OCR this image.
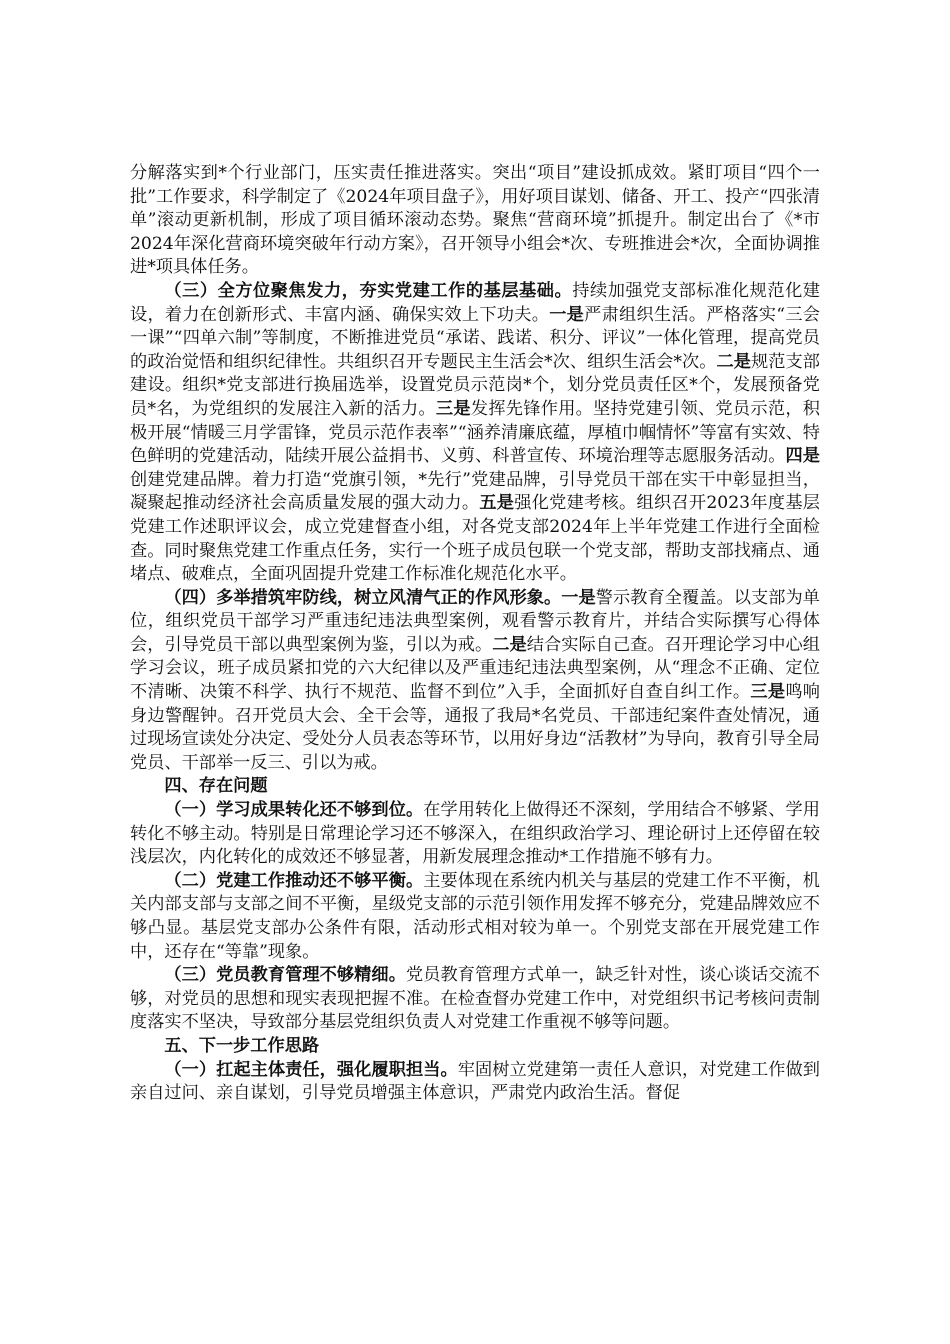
分解落实到*个行业部门，压实责任推进落实。突出“项目”建设抓成效。紧盯项目“四个一批”工作要求，科学制定了《2024年项目盘子》，用好项目谋划、储备、开工、投产“四张清单”滚动更新机制，形成了项目循环滚动态势。聚焦“营商环境”抓提升。制定出台了《*市2024年深化营商环境突破年行动方案》，召开领导小组会*次、专班推进会*次，全面协调推进*项具体任务。

（三）全方位聚焦发力，夯实党建工作的基层基础。持续加强党支部标准化规范化建设，着力在创新形式、丰富内涵、确保实效上下功夫。一是严肃组织生活。严格落实“三会一课”“四单六制”等制度，不断推进党员“承诺、践诺、积分、评议”一体化管理，提高党员的政治觉悟和组织纪律性。共组织召开专题民主生活会*次、组织生活会*次。二是规范支部建设。组织*党支部进行换届选举，设置党员示范岗*个，划分党员责任区*个，发展预备党员*名，为党组织的发展注入新的活力。三是发挥先锋作用。坚持党建引领、党员示范，积极开展“情暖三月学雷锋，党员示范作表率”“涵养清廉底蕴，厚植巾帼情怀”等富有实效、特色鲜明的党建活动，陆续开展公益捐书、义剪、科普宣传、环境治理等志愿服务活动。四是创建党建品牌。着力打造“党旗引领，*先行”党建品牌，引导党员干部在实干中彰显担当，凝聚起推动经济社会高质量发展的强大动力。五是强化党建考核。组织召开2023年度基层党建工作述职评议会，成立党建督查小组，对各党支部2024年上半年党建工作进行全面检查。同时聚焦党建工作重点任务，实行一个班子成员包联一个党支部，帮助支部找痛点、通堵点、破难点，全面巩固提升党建工作标准化规范化水平。

（四）多举措筑牢防线，树立风清气正的作风形象。一是警示教育全覆盖。以支部为单位，组织党员干部学习严重违纪违法典型案例，观看警示教育片，并结合实际撰写心得体会，引导党员干部以典型案例为鉴，引以为戒。二是结合实际自己查。召开理论学习中心组学习会议，班子成员紧扣党的六大纪律以及严重违纪违法典型案例，从“理念不正确、定位不清晰、决策不科学、执行不规范、监督不到位”入手，全面抓好自查自纠工作。三是鸣响身边警醒钟。召开党员大会、全干会等，通报了我局*名党员、干部违纪案件查处情况，通过现场宣读处分决定、受处分人员表态等环节，以用好身边“活教材”为导向，教育引导全局党员、干部举一反三、引以为戒。

四、存在问题

（一）学习成果转化还不够到位。在学用转化上做得还不深刻，学用结合不够紧、学用转化不够主动。特别是日常理论学习还不够深入，在组织政治学习、理论研讨上还停留在较浅层次，内化转化的成效还不够显著，用新发展理念推动*工作措施不够有力。

（二）党建工作推动还不够平衡。主要体现在系统内机关与基层的党建工作不平衡，机关内部支部与支部之间不平衡，星级党支部的示范引领作用发挥不够充分，党建品牌效应不够凸显。基层党支部办公条件有限，活动形式相对较为单一。个别党支部在开展党建工作中，还存在“等靠”现象。

（三）党员教育管理不够精细。党员教育管理方式单一，缺乏针对性，谈心谈话交流不够，对党员的思想和现实表现把握不准。在检查督办党建工作中，对党组织书记考核问责制度落实不坚决，导致部分基层党组织负责人对党建工作重视不够等问题。

五、下一步工作思路

（一）扛起主体责任，强化履职担当。牢固树立党建第一责任人意识，对党建工作做到亲自过问、亲自谋划，引导党员增强主体意识，严肃党内政治生活。督促
